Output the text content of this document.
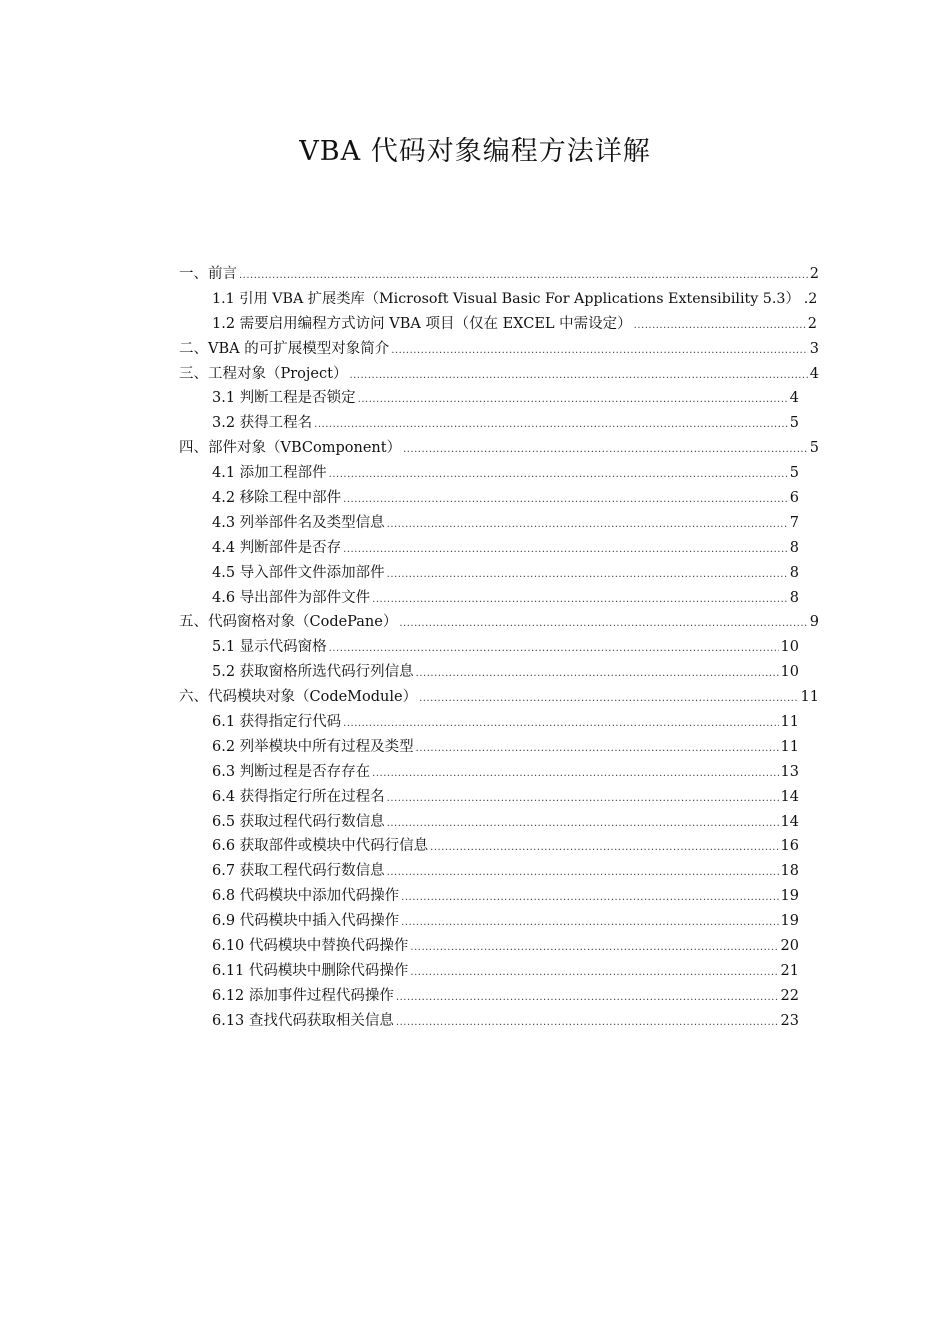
VBA 代码对象编程方法详解
一、前言 .....	2
1.1 引用 VBA 扩展类库（Microsoft Visual Basic For Applications Extensibility 5.3） .2
1.2 需要启用编程方式访问 VBA 项目（仅在 EXCEL 中需设定） .....	2
二、VBA 的可扩展模型对象简介 .....	3
三、工程对象（Project） .....	4
3.1 判断工程是否锁定 .....	4
3.2 获得工程名 .....	5
四、部件对象（VBComponent） .....	5
4.1 添加工程部件 .....	5
4.2 移除工程中部件 .....	6
4.3 列举部件名及类型信息 .....	7
4.4 判断部件是否存 .....	8
4.5 导入部件文件添加部件 .....	8
4.6 导出部件为部件文件 .....	8
五、代码窗格对象（CodePane） .....	9
5.1 显示代码窗格 .....	10
5.2 获取窗格所选代码行列信息 .....	10
六、代码模块对象（CodeModule） .....	11
6.1 获得指定行代码 .....	11
6.2 列举模块中所有过程及类型 .....	11
6.3 判断过程是否存存在 .....	13
6.4 获得指定行所在过程名 .....	14
6.5 获取过程代码行数信息 .....	14
6.6 获取部件或模块中代码行信息 .....	16
6.7 获取工程代码行数信息 .....	18
6.8 代码模块中添加代码操作 .....	19
6.9 代码模块中插入代码操作 .....	19
6.10 代码模块中替换代码操作 .....	20
6.11 代码模块中删除代码操作 .....	21
6.12 添加事件过程代码操作 .....	22
6.13 查找代码获取相关信息 .....	23
